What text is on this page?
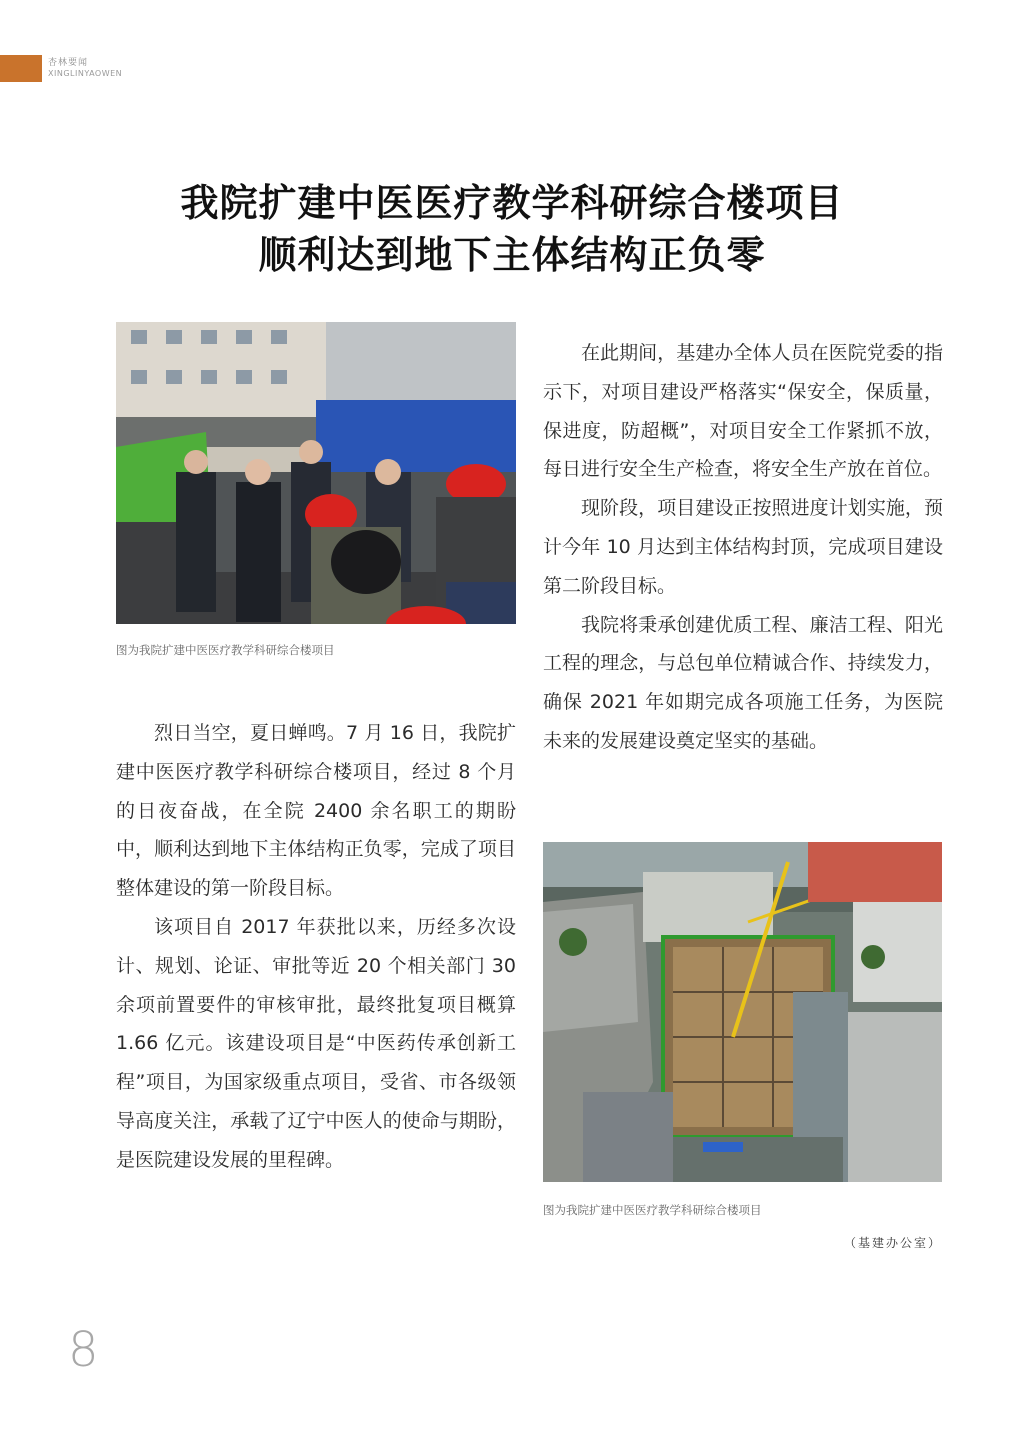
杏林要闻
XINGLINYAOWEN
我院扩建中医医疗教学科研综合楼项目
顺利达到地下主体结构正负零
图为我院扩建中医医疗教学科研综合楼项目

烈日当空，夏日蝉鸣。7 月 16 日，我院扩建中医医疗教学科研综合楼项目，经过 8 个月的日夜奋战，在全院 2400 余名职工的期盼中，顺利达到地下主体结构正负零，完成了项目整体建设的第一阶段目标。

该项目自 2017 年获批以来，历经多次设计、规划、论证、审批等近 20 个相关部门 30 余项前置要件的审核审批，最终批复项目概算 1.66 亿元。该建设项目是“中医药传承创新工程”项目，为国家级重点项目，受省、市各级领导高度关注，承载了辽宁中医人的使命与期盼，是医院建设发展的里程碑。

在此期间，基建办全体人员在医院党委的指示下，对项目建设严格落实“保安全，保质量，保进度，防超概”，对项目安全工作紧抓不放，每日进行安全生产检查，将安全生产放在首位。

现阶段，项目建设正按照进度计划实施，预计今年 10 月达到主体结构封顶，完成项目建设第二阶段目标。

我院将秉承创建优质工程、廉洁工程、阳光工程的理念，与总包单位精诚合作、持续发力，确保 2021 年如期完成各项施工任务，为医院未来的发展建设奠定坚实的基础。

图为我院扩建中医医疗教学科研综合楼项目
（基建办公室）
8
